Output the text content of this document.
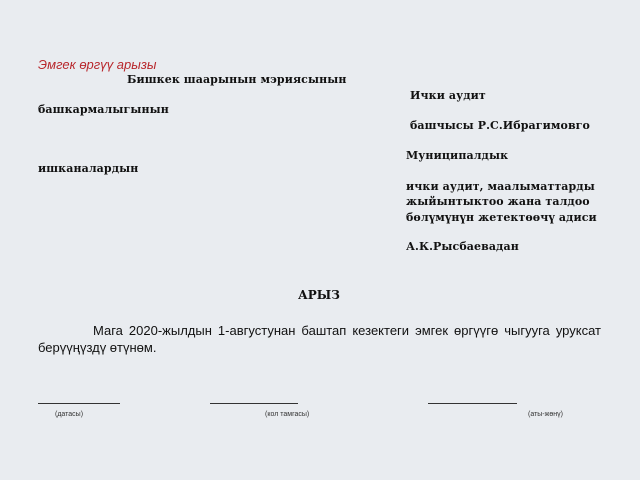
Эмгек өргүү арызы
Бишкек шаарынын мэриясынын
Ички аудит
башкармалыгынын
башчысы Р.С.Ибрагимовго
Муниципалдык
ишканалардын
ички аудит, маалыматтарды
жыйынтыктоо жана талдоо
бөлүмүнүн жетектөөчү адиси
А.К.Рысбаевадан
АРЫЗ
Мага 2020-жылдын 1-августунан баштап кезектеги эмгек өргүүгө чыгууга уруксат берүүңүздү өтүнөм.
(датасы)	(кол тамгасы)	(аты-жөнү)
